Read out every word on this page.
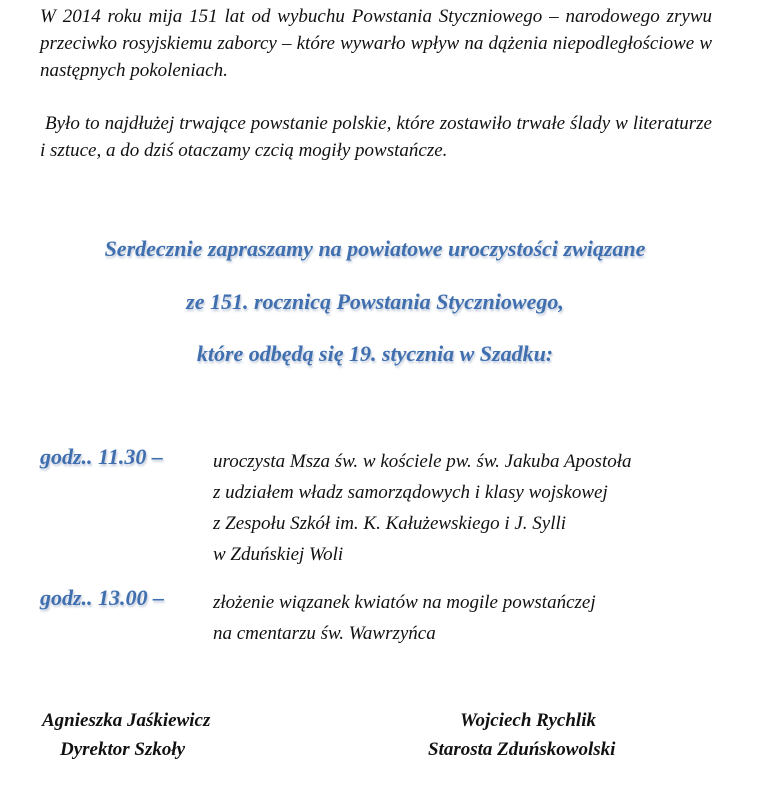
W 2014 roku mija 151 lat od wybuchu Powstania Styczniowego – narodowego zrywu przeciwko rosyjskiemu zaborcy – które wywarło wpływ na dążenia niepodległościowe w następnych pokoleniach.

Było to najdłużej trwające powstanie polskie, które zostawiło trwałe ślady w literaturze i sztuce, a do dziś otaczamy czcią mogiły powstańcze.

Serdecznie zapraszamy na powiatowe uroczystości związane

ze 151. rocznicą Powstania Styczniowego,

które odbędą się 19. stycznia w Szadku:

godz.. 11.30 –	uroczysta Msza św. w kościele pw. św. Jakuba Apostoła
z udziałem władz samorządowych i klasy wojskowej
z Zespołu Szkół im. K. Kałużewskiego i J. Sylli
w Zduńskiej Woli
godz.. 13.00 –	złożenie wiązanek kwiatów na mogile powstańczej
na cmentarzu św. Wawrzyńca
Agnieszka Jaśkiewicz
Dyrektor Szkoły
Wojciech Rychlik
Starosta Zduńskowolski
